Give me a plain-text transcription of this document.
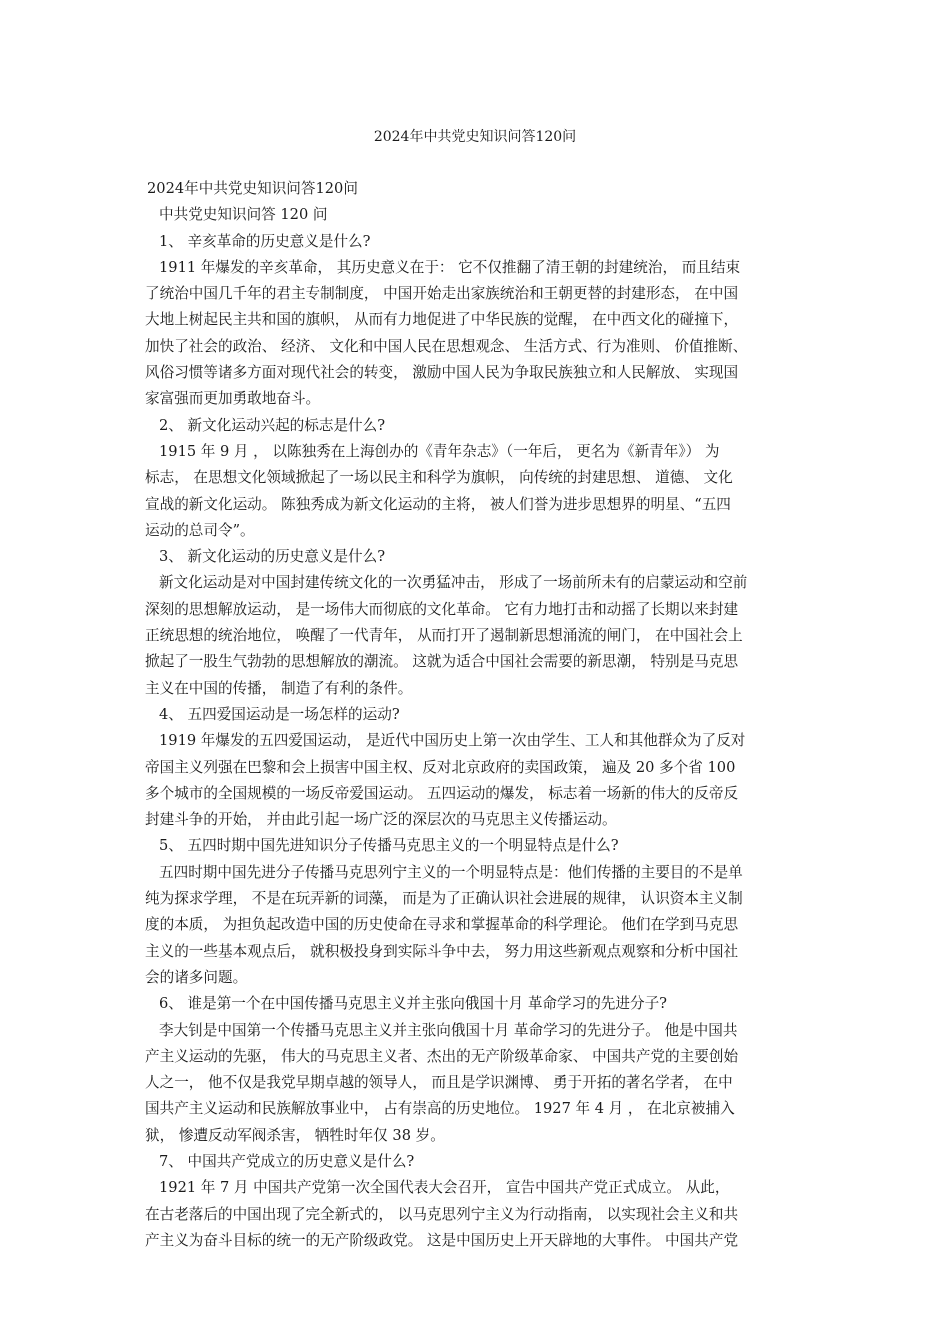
2024年中共党史知识问答120问
2024年中共党史知识问答120问
中共党史知识问答 120 问
1、 辛亥革命的历史意义是什么?
1911 年爆发的辛亥革命， 其历史意义在于： 它不仅推翻了清王朝的封建统治， 而且结束
了统治中国几千年的君主专制制度， 中国开始走出家族统治和王朝更替的封建形态， 在中国
大地上树起民主共和国的旗帜， 从而有力地促进了中华民族的觉醒， 在中西文化的碰撞下，
加快了社会的政治、 经济、 文化和中国人民在思想观念、 生活方式、行为准则、 价值推断、
风俗习惯等诸多方面对现代社会的转变， 激励中国人民为争取民族独立和人民解放、 实现国
家富强而更加勇敢地奋斗。
2、 新文化运动兴起的标志是什么?
1915 年 9 月 ， 以陈独秀在上海创办的《青年杂志》（一年后， 更名为《新青年》） 为
标志， 在思想文化领域掀起了一场以民主和科学为旗帜， 向传统的封建思想、 道德、 文化
宣战的新文化运动。 陈独秀成为新文化运动的主将， 被人们誉为进步思想界的明星、“五四
运动的总司令”。
3、 新文化运动的历史意义是什么?
新文化运动是对中国封建传统文化的一次勇猛冲击， 形成了一场前所未有的启蒙运动和空前
深刻的思想解放运动， 是一场伟大而彻底的文化革命。 它有力地打击和动摇了长期以来封建
正统思想的统治地位， 唤醒了一代青年， 从而打开了遏制新思想涌流的闸门， 在中国社会上
掀起了一股生气勃勃的思想解放的潮流。 这就为适合中国社会需要的新思潮， 特别是马克思
主义在中国的传播， 制造了有利的条件。
4、 五四爱国运动是一场怎样的运动?
1919 年爆发的五四爱国运动， 是近代中国历史上第一次由学生、工人和其他群众为了反对
帝国主义列强在巴黎和会上损害中国主权、反对北京政府的卖国政策， 遍及 20 多个省 100
多个城市的全国规模的一场反帝爱国运动。 五四运动的爆发， 标志着一场新的伟大的反帝反
封建斗争的开始， 并由此引起一场广泛的深层次的马克思主义传播运动。
5、 五四时期中国先进知识分子传播马克思主义的一个明显特点是什么?
五四时期中国先进分子传播马克思列宁主义的一个明显特点是：他们传播的主要目的不是单
纯为探求学理， 不是在玩弄新的词藻， 而是为了正确认识社会进展的规律， 认识资本主义制
度的本质， 为担负起改造中国的历史使命在寻求和掌握革命的科学理论。 他们在学到马克思
主义的一些基本观点后， 就积极投身到实际斗争中去， 努力用这些新观点观察和分析中国社
会的诸多问题。
6、 谁是第一个在中国传播马克思主义并主张向俄国十月 革命学习的先进分子?
李大钊是中国第一个传播马克思主义并主张向俄国十月 革命学习的先进分子。 他是中国共
产主义运动的先驱， 伟大的马克思主义者、杰出的无产阶级革命家、 中国共产党的主要创始
人之一， 他不仅是我党早期卓越的领导人， 而且是学识渊博、 勇于开拓的著名学者， 在中
国共产主义运动和民族解放事业中， 占有崇高的历史地位。 1927 年 4 月 ， 在北京被捕入
狱， 惨遭反动军阀杀害， 牺牲时年仅 38 岁。
7、 中国共产党成立的历史意义是什么?
1921 年 7 月 中国共产党第一次全国代表大会召开， 宣告中国共产党正式成立。 从此，
在古老落后的中国出现了完全新式的， 以马克思列宁主义为行动指南， 以实现社会主义和共
产主义为奋斗目标的统一的无产阶级政党。 这是中国历史上开天辟地的大事件。 中国共产党
